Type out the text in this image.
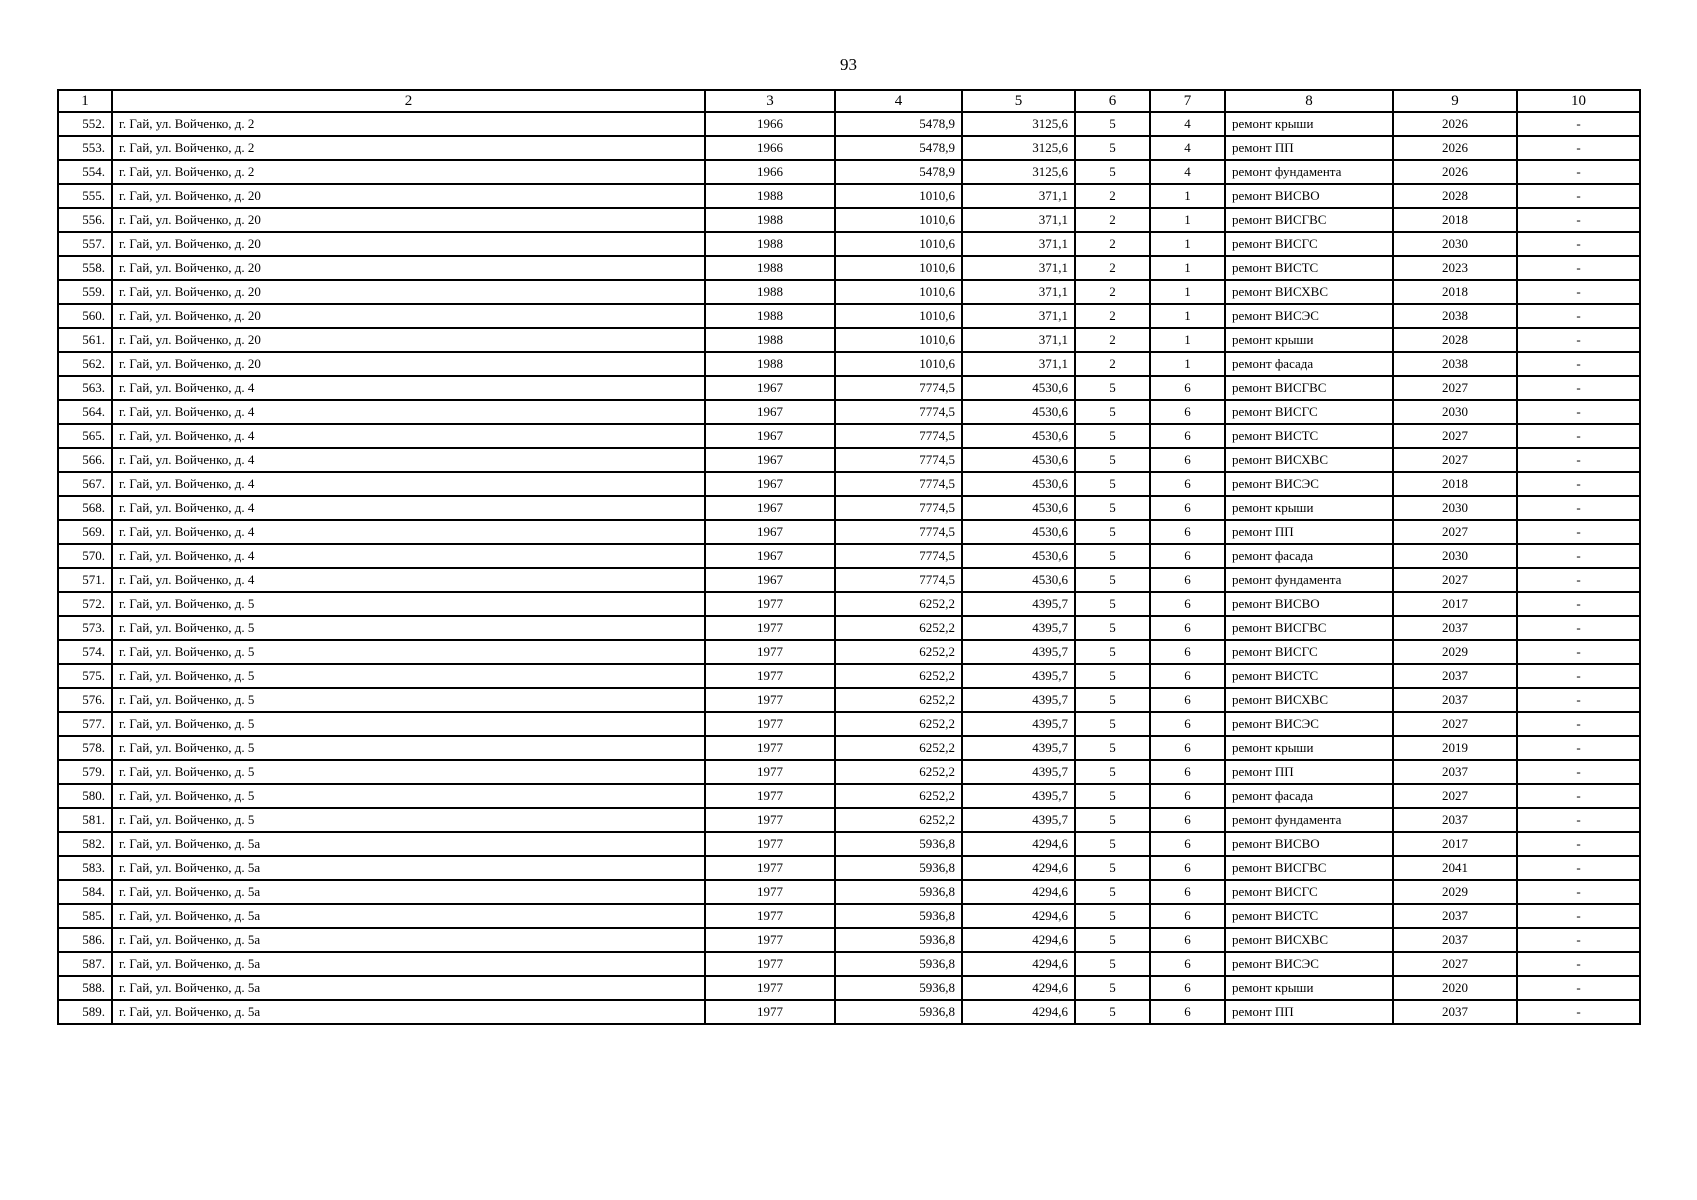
93
1	2	3	4	5	6	7	8	9	10
552.	г. Гай, ул. Войченко, д. 2	1966	5478,9	3125,6	5	4	ремонт крыши	2026	-
553.	г. Гай, ул. Войченко, д. 2	1966	5478,9	3125,6	5	4	ремонт ПП	2026	-
554.	г. Гай, ул. Войченко, д. 2	1966	5478,9	3125,6	5	4	ремонт фундамента	2026	-
555.	г. Гай, ул. Войченко, д. 20	1988	1010,6	371,1	2	1	ремонт ВИСВО	2028	-
556.	г. Гай, ул. Войченко, д. 20	1988	1010,6	371,1	2	1	ремонт ВИСГВС	2018	-
557.	г. Гай, ул. Войченко, д. 20	1988	1010,6	371,1	2	1	ремонт ВИСГС	2030	-
558.	г. Гай, ул. Войченко, д. 20	1988	1010,6	371,1	2	1	ремонт ВИСТС	2023	-
559.	г. Гай, ул. Войченко, д. 20	1988	1010,6	371,1	2	1	ремонт ВИСХВС	2018	-
560.	г. Гай, ул. Войченко, д. 20	1988	1010,6	371,1	2	1	ремонт ВИСЭС	2038	-
561.	г. Гай, ул. Войченко, д. 20	1988	1010,6	371,1	2	1	ремонт крыши	2028	-
562.	г. Гай, ул. Войченко, д. 20	1988	1010,6	371,1	2	1	ремонт фасада	2038	-
563.	г. Гай, ул. Войченко, д. 4	1967	7774,5	4530,6	5	6	ремонт ВИСГВС	2027	-
564.	г. Гай, ул. Войченко, д. 4	1967	7774,5	4530,6	5	6	ремонт ВИСГС	2030	-
565.	г. Гай, ул. Войченко, д. 4	1967	7774,5	4530,6	5	6	ремонт ВИСТС	2027	-
566.	г. Гай, ул. Войченко, д. 4	1967	7774,5	4530,6	5	6	ремонт ВИСХВС	2027	-
567.	г. Гай, ул. Войченко, д. 4	1967	7774,5	4530,6	5	6	ремонт ВИСЭС	2018	-
568.	г. Гай, ул. Войченко, д. 4	1967	7774,5	4530,6	5	6	ремонт крыши	2030	-
569.	г. Гай, ул. Войченко, д. 4	1967	7774,5	4530,6	5	6	ремонт ПП	2027	-
570.	г. Гай, ул. Войченко, д. 4	1967	7774,5	4530,6	5	6	ремонт фасада	2030	-
571.	г. Гай, ул. Войченко, д. 4	1967	7774,5	4530,6	5	6	ремонт фундамента	2027	-
572.	г. Гай, ул. Войченко, д. 5	1977	6252,2	4395,7	5	6	ремонт ВИСВО	2017	-
573.	г. Гай, ул. Войченко, д. 5	1977	6252,2	4395,7	5	6	ремонт ВИСГВС	2037	-
574.	г. Гай, ул. Войченко, д. 5	1977	6252,2	4395,7	5	6	ремонт ВИСГС	2029	-
575.	г. Гай, ул. Войченко, д. 5	1977	6252,2	4395,7	5	6	ремонт ВИСТС	2037	-
576.	г. Гай, ул. Войченко, д. 5	1977	6252,2	4395,7	5	6	ремонт ВИСХВС	2037	-
577.	г. Гай, ул. Войченко, д. 5	1977	6252,2	4395,7	5	6	ремонт ВИСЭС	2027	-
578.	г. Гай, ул. Войченко, д. 5	1977	6252,2	4395,7	5	6	ремонт крыши	2019	-
579.	г. Гай, ул. Войченко, д. 5	1977	6252,2	4395,7	5	6	ремонт ПП	2037	-
580.	г. Гай, ул. Войченко, д. 5	1977	6252,2	4395,7	5	6	ремонт фасада	2027	-
581.	г. Гай, ул. Войченко, д. 5	1977	6252,2	4395,7	5	6	ремонт фундамента	2037	-
582.	г. Гай, ул. Войченко, д. 5а	1977	5936,8	4294,6	5	6	ремонт ВИСВО	2017	-
583.	г. Гай, ул. Войченко, д. 5а	1977	5936,8	4294,6	5	6	ремонт ВИСГВС	2041	-
584.	г. Гай, ул. Войченко, д. 5а	1977	5936,8	4294,6	5	6	ремонт ВИСГС	2029	-
585.	г. Гай, ул. Войченко, д. 5а	1977	5936,8	4294,6	5	6	ремонт ВИСТС	2037	-
586.	г. Гай, ул. Войченко, д. 5а	1977	5936,8	4294,6	5	6	ремонт ВИСХВС	2037	-
587.	г. Гай, ул. Войченко, д. 5а	1977	5936,8	4294,6	5	6	ремонт ВИСЭС	2027	-
588.	г. Гай, ул. Войченко, д. 5а	1977	5936,8	4294,6	5	6	ремонт крыши	2020	-
589.	г. Гай, ул. Войченко, д. 5а	1977	5936,8	4294,6	5	6	ремонт ПП	2037	-
